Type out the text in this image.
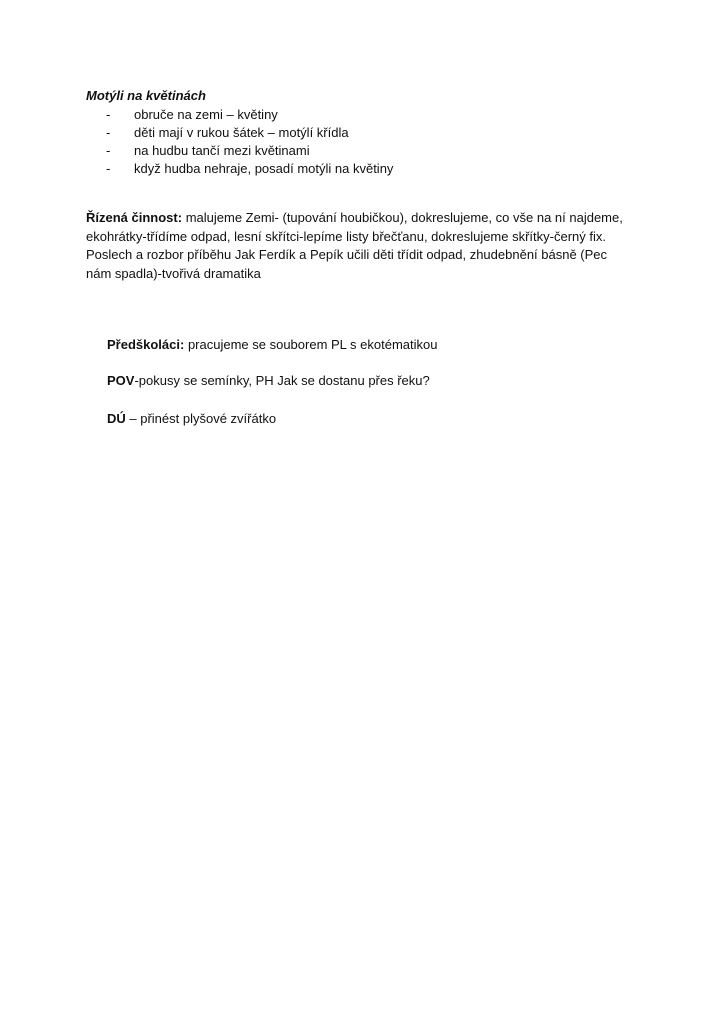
Motýli na květinách
- obruče na zemi – květiny
- děti mají v rukou šátek – motýlí křídla
- na hudbu tančí mezi květinami
- když hudba nehraje, posadí motýli na květiny
Řízená činnost: malujeme Zemi- (tupování houbičkou), dokreslujeme, co vše na ní najdeme,
ekohrátky-třídíme odpad, lesní skřítci-lepíme listy břečťanu, dokreslujeme skřítky-černý fix.
Poslech a rozbor příběhu Jak Ferdík a Pepík učili děti třídit odpad, zhudebnění básně (Pec
nám spadla)-tvořivá dramatika
Předškoláci: pracujeme se souborem PL s ekotématikou
POV-pokusy se semínky, PH Jak se dostanu přes řeku?
DÚ – přinést plyšové zvířátko
